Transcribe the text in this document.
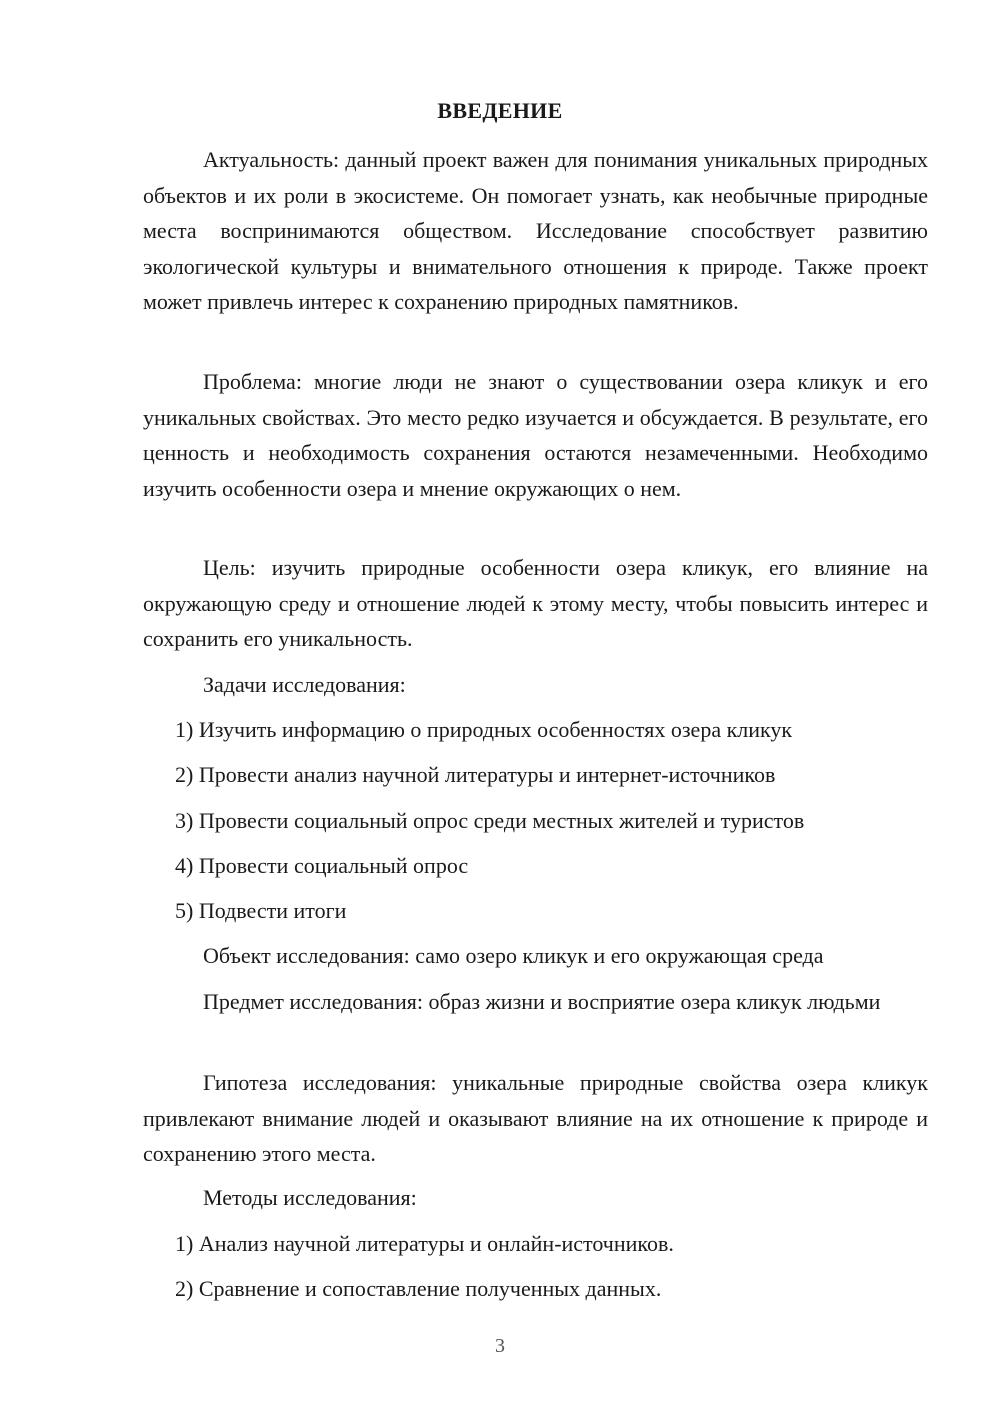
ВВЕДЕНИЕ

Актуальность: данный проект важен для понимания уникальных природных объектов и их роли в экосистеме. Он помогает узнать, как необычные природные места воспринимаются обществом. Исследование способствует развитию экологической культуры и внимательного отношения к природе. Также проект может привлечь интерес к сохранению природных памятников.

Проблема: многие люди не знают о существовании озера кликук и его уникальных свойствах. Это место редко изучается и обсуждается. В результате, его ценность и необходимость сохранения остаются незамеченными. Необходимо изучить особенности озера и мнение окружающих о нем.

Цель: изучить природные особенности озера кликук, его влияние на окружающую среду и отношение людей к этому месту, чтобы повысить интерес и сохранить его уникальность.

Задачи исследования:

1) Изучить информацию о природных особенностях озера кликук

2) Провести анализ научной литературы и интернет-источников

3) Провести социальный опрос среди местных жителей и туристов

4) Провести социальный опрос

5) Подвести итоги

Объект исследования: само озеро кликук и его окружающая среда

Предмет исследования: образ жизни и восприятие озера кликук людьми

Гипотеза исследования: уникальные природные свойства озера кликук привлекают внимание людей и оказывают влияние на их отношение к природе и сохранению этого места.

Методы исследования:

1) Анализ научной литературы и онлайн-источников.

2) Сравнение и сопоставление полученных данных.

3
